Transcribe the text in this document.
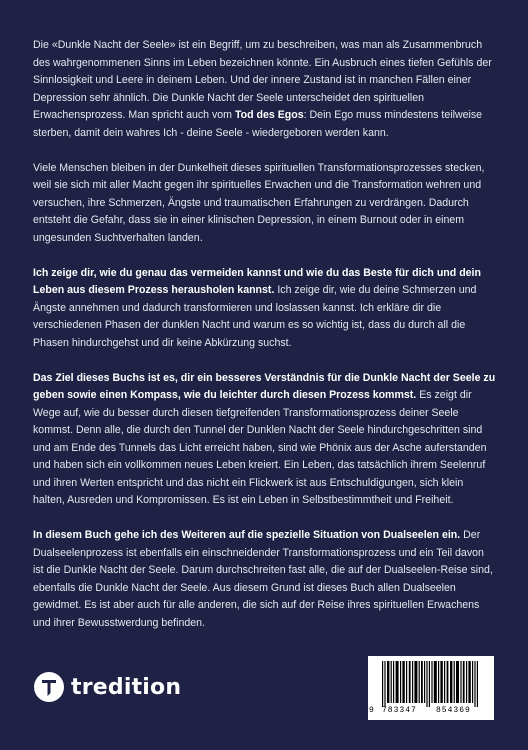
Die «Dunkle Nacht der Seele» ist ein Begriff, um zu beschreiben, was man als Zusammenbruch des wahrgenommenen Sinns im Leben bezeichnen könnte. Ein Ausbruch eines tiefen Gefühls der Sinnlosigkeit und Leere in deinem Leben. Und der innere Zustand ist in manchen Fällen einer Depression sehr ähnlich. Die Dunkle Nacht der Seele unterscheidet den spirituellen Erwachensprozess. Man spricht auch vom Tod des Egos: Dein Ego muss mindestens teilweise sterben, damit dein wahres Ich - deine Seele - wiedergeboren werden kann.

Viele Menschen bleiben in der Dunkelheit dieses spirituellen Transformationsprozesses stecken, weil sie sich mit aller Macht gegen ihr spirituelles Erwachen und die Transformation wehren und versuchen, ihre Schmerzen, Ängste und traumatischen Erfahrungen zu verdrängen. Dadurch entsteht die Gefahr, dass sie in einer klinischen Depression, in einem Burnout oder in einem ungesunden Suchtverhalten landen.

Ich zeige dir, wie du genau das vermeiden kannst und wie du das Beste für dich und dein Leben aus diesem Prozess herausholen kannst. Ich zeige dir, wie du deine Schmerzen und Ängste annehmen und dadurch transformieren und loslassen kannst. Ich erkläre dir die verschiedenen Phasen der dunklen Nacht und warum es so wichtig ist, dass du durch all die Phasen hindurchgehst und dir keine Abkürzung suchst.

Das Ziel dieses Buchs ist es, dir ein besseres Verständnis für die Dunkle Nacht der Seele zu geben sowie einen Kompass, wie du leichter durch diesen Prozess kommst. Es zeigt dir Wege auf, wie du besser durch diesen tiefgreifenden Transformationsprozess deiner Seele kommst. Denn alle, die durch den Tunnel der Dunklen Nacht der Seele hindurchgeschritten sind und am Ende des Tunnels das Licht erreicht haben, sind wie Phönix aus der Asche auferstanden und haben sich ein vollkommen neues Leben kreiert. Ein Leben, das tatsächlich ihrem Seelenruf und ihren Werten entspricht und das nicht ein Flickwerk ist aus Entschuldigungen, sich klein halten, Ausreden und Kompromissen. Es ist ein Leben in Selbstbestimmtheit und Freiheit.

In diesem Buch gehe ich des Weiteren auf die spezielle Situation von Dualseelen ein. Der Dualseelenprozess ist ebenfalls ein einschneidender Transformationsprozess und ein Teil davon ist die Dunkle Nacht der Seele. Darum durchschreiten fast alle, die auf der Dualseelen-Reise sind, ebenfalls die Dunkle Nacht der Seele. Aus diesem Grund ist dieses Buch allen Dualseelen gewidmet. Es ist aber auch für alle anderen, die sich auf der Reise ihres spirituellen Erwachens und ihrer Bewusstwerdung befinden.

tredition
9 783347 854369
